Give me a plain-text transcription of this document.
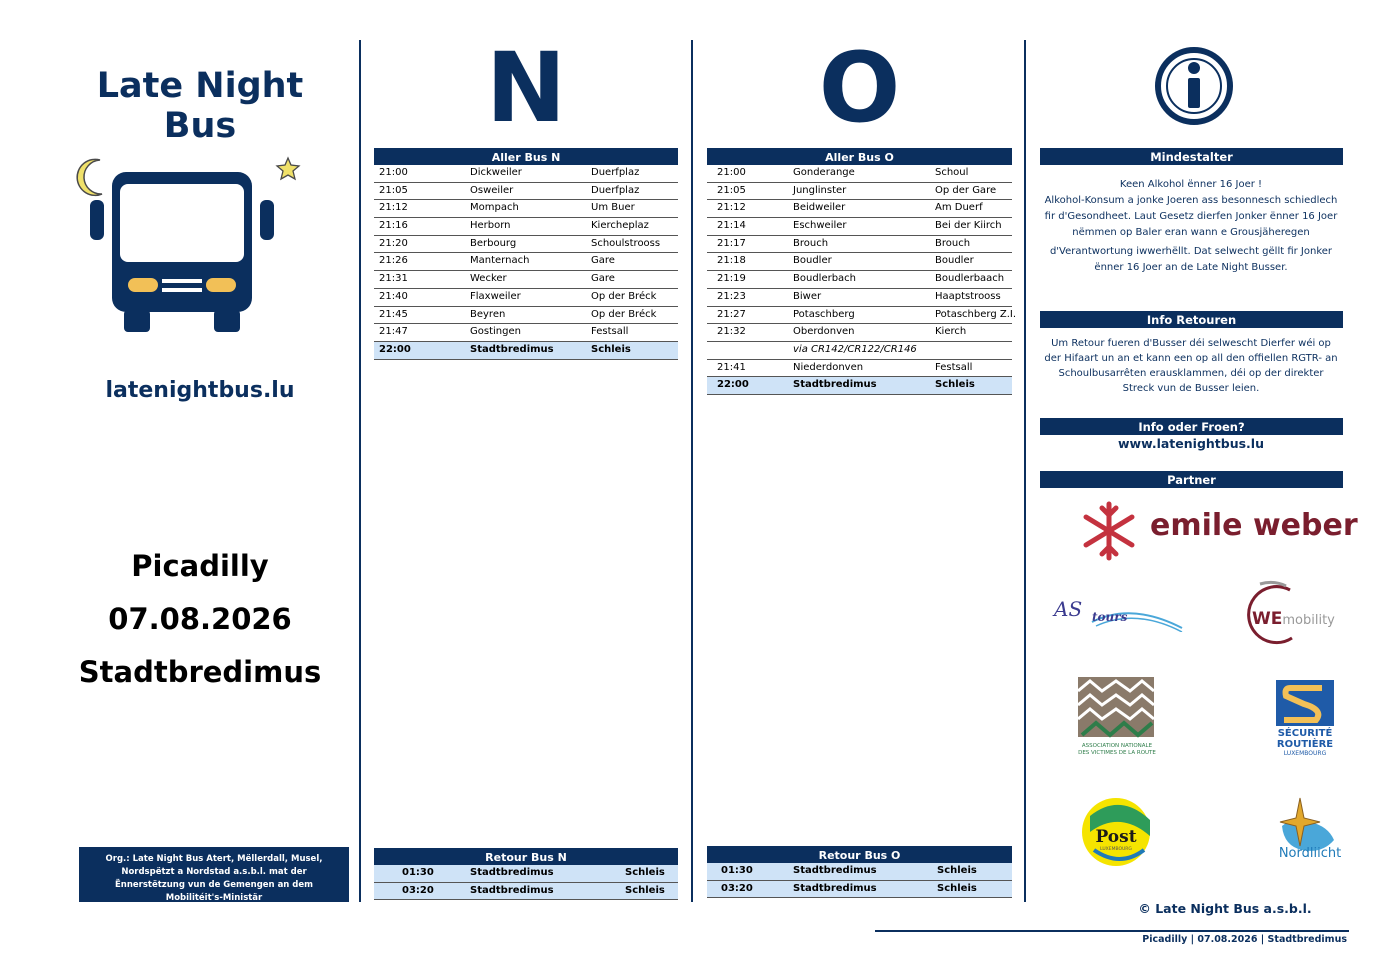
Late Night Bus
latenightbus.lu
Picadilly
07.08.2026
Stadtbredimus
Org.: Late Night Bus Atert, Mëllerdall, Musel, Nordspëtzt a Nordstad a.s.b.l. mat der Ënnerstëtzung vun de Gemengen an dem Mobilitéit's-Ministär
N
Aller Bus N
21:00	Dickweiler	Duerfplaz
21:05	Osweiler	Duerfplaz
21:12	Mompach	Um Buer
21:16	Herborn	Kiercheplaz
21:20	Berbourg	Schoulstrooss
21:26	Manternach	Gare
21:31	Wecker	Gare
21:40	Flaxweiler	Op der Bréck
21:45	Beyren	Op der Bréck
21:47	Gostingen	Festsall
22:00	Stadtbredimus	Schleis
Retour Bus N
01:30	Stadtbredimus	Schleis
03:20	Stadtbredimus	Schleis
O
Aller Bus O
21:00	Gonderange	Schoul
21:05	Junglinster	Op der Gare
21:12	Beidweiler	Am Duerf
21:14	Eschweiler	Bei der Kiirch
21:17	Brouch	Brouch
21:18	Boudler	Boudler
21:19	Boudlerbach	Boudlerbaach
21:23	Biwer	Haaptstrooss
21:27	Potaschberg	Potaschberg Z.I.
21:32	Oberdonven	Kierch
via CR142/CR122/CR146
21:41	Niederdonven	Festsall
22:00	Stadtbredimus	Schleis
Retour Bus O
01:30	Stadtbredimus	Schleis
03:20	Stadtbredimus	Schleis
Mindestalter
Keen Alkohol ënner 16 Joer !
Alkohol-Konsum a jonke Joeren ass besonnesch schiedlech
fir d'Gesondheet. Laut Gesetz dierfen Jonker ënner 16 Joer
nëmmen op Baler eran wann e Grousjäheregen
d'Verantwortung iwwerhëllt. Dat selwecht gëllt fir Jonker
ënner 16 Joer an de Late Night Busser.
Info Retouren
Um Retour fueren d'Busser déi selwescht Dierfer wéi op
der Hifaart un an et kann een op all den offiellen RGTR- an
Schoulbusarrêten erausklammen, déi op der direkter
Streck vun de Busser leien.
Info oder Froen?
www.latenightbus.lu
Partner
emile weber
AS tours	WEmobility
ASSOCIATION NATIONALE
DES VICTIMES DE LA ROUTE
SÉCURITÉ
ROUTIÈRE
LUXEMBOURG
Post
LUXEMBOURG	Nordliicht
© Late Night Bus a.s.b.l.
Picadilly | 07.08.2026 | Stadtbredimus
